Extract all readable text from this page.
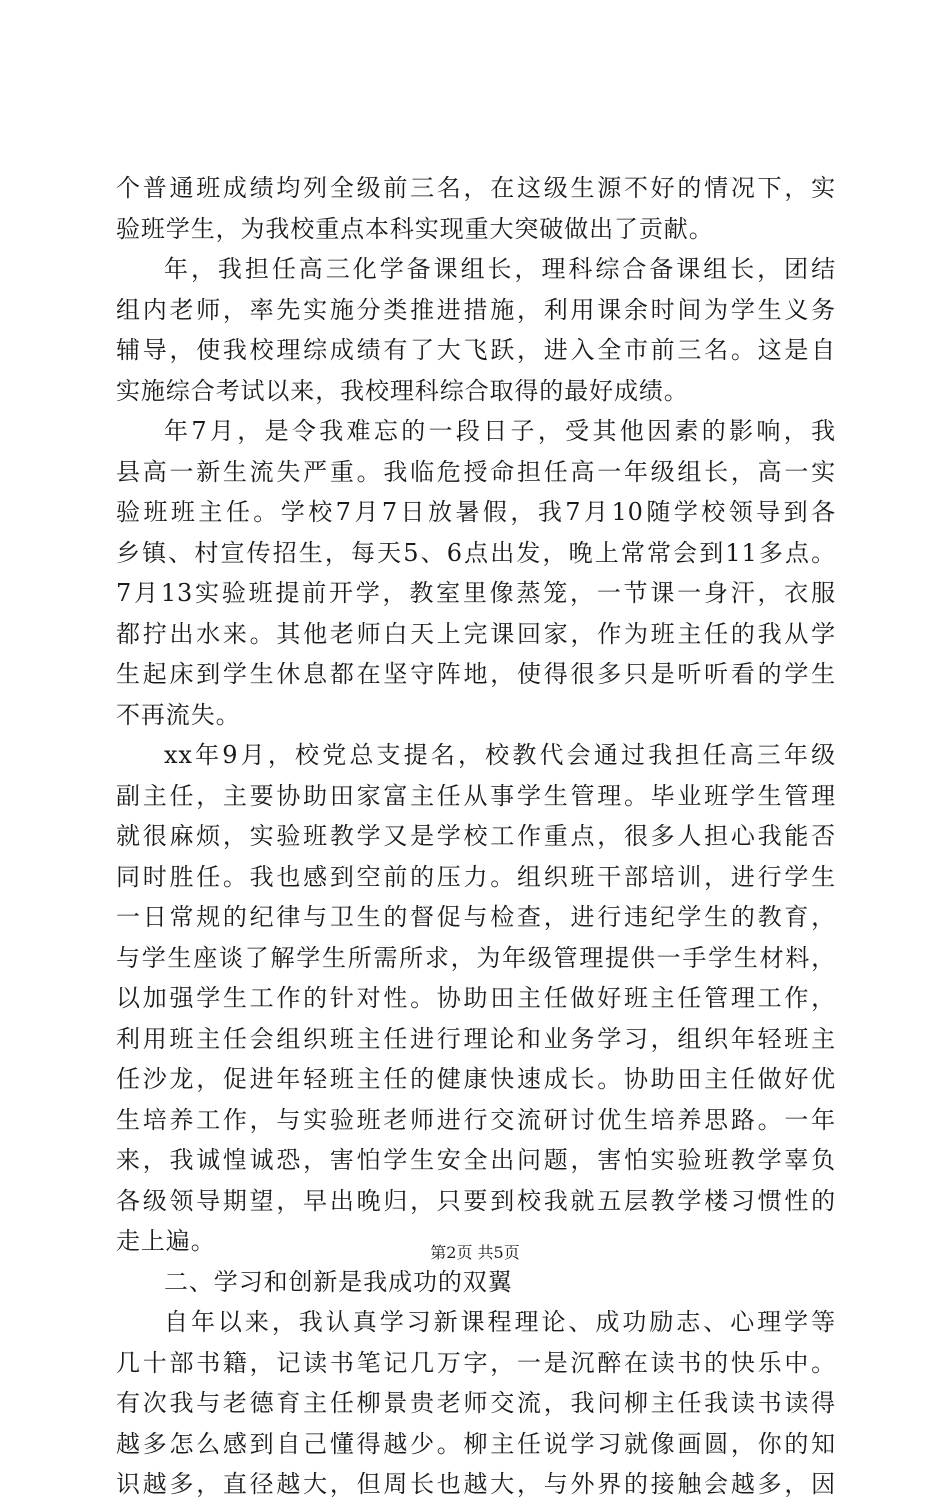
个普通班成绩均列全级前三名，在这级生源不好的情况下，实
验班学生，为我校重点本科实现重大突破做出了贡献。
年，我担任高三化学备课组长，理科综合备课组长，团结
组内老师，率先实施分类推进措施，利用课余时间为学生义务
辅导，使我校理综成绩有了大飞跃，进入全市前三名。这是自
实施综合考试以来，我校理科综合取得的最好成绩。
年7月，是令我难忘的一段日子，受其他因素的影响，我
县高一新生流失严重。我临危授命担任高一年级组长，高一实
验班班主任。学校7月7日放暑假，我7月10随学校领导到各
乡镇、村宣传招生，每天5、6点出发，晚上常常会到11多点。
7月13实验班提前开学，教室里像蒸笼，一节课一身汗，衣服
都拧出水来。其他老师白天上完课回家，作为班主任的我从学
生起床到学生休息都在坚守阵地，使得很多只是听听看的学生
不再流失。
xx年9月，校党总支提名，校教代会通过我担任高三年级
副主任，主要协助田家富主任从事学生管理。毕业班学生管理
就很麻烦，实验班教学又是学校工作重点，很多人担心我能否
同时胜任。我也感到空前的压力。组织班干部培训，进行学生
一日常规的纪律与卫生的督促与检查，进行违纪学生的教育，
与学生座谈了解学生所需所求，为年级管理提供一手学生材料，
以加强学生工作的针对性。协助田主任做好班主任管理工作，
利用班主任会组织班主任进行理论和业务学习，组织年轻班主
任沙龙，促进年轻班主任的健康快速成长。协助田主任做好优
生培养工作，与实验班老师进行交流研讨优生培养思路。一年
来，我诚惶诚恐，害怕学生安全出问题，害怕实验班教学辜负
各级领导期望，早出晚归，只要到校我就五层教学楼习惯性的
走上遍。
二、学习和创新是我成功的双翼
自年以来，我认真学习新课程理论、成功励志、心理学等
几十部书籍，记读书笔记几万字，一是沉醉在读书的快乐中。
有次我与老德育主任柳景贵老师交流，我问柳主任我读书读得
越多怎么感到自己懂得越少。柳主任说学习就像画圆，你的知
识越多，直径越大，但周长也越大，与外界的接触会越多，因
第2页 共5页
